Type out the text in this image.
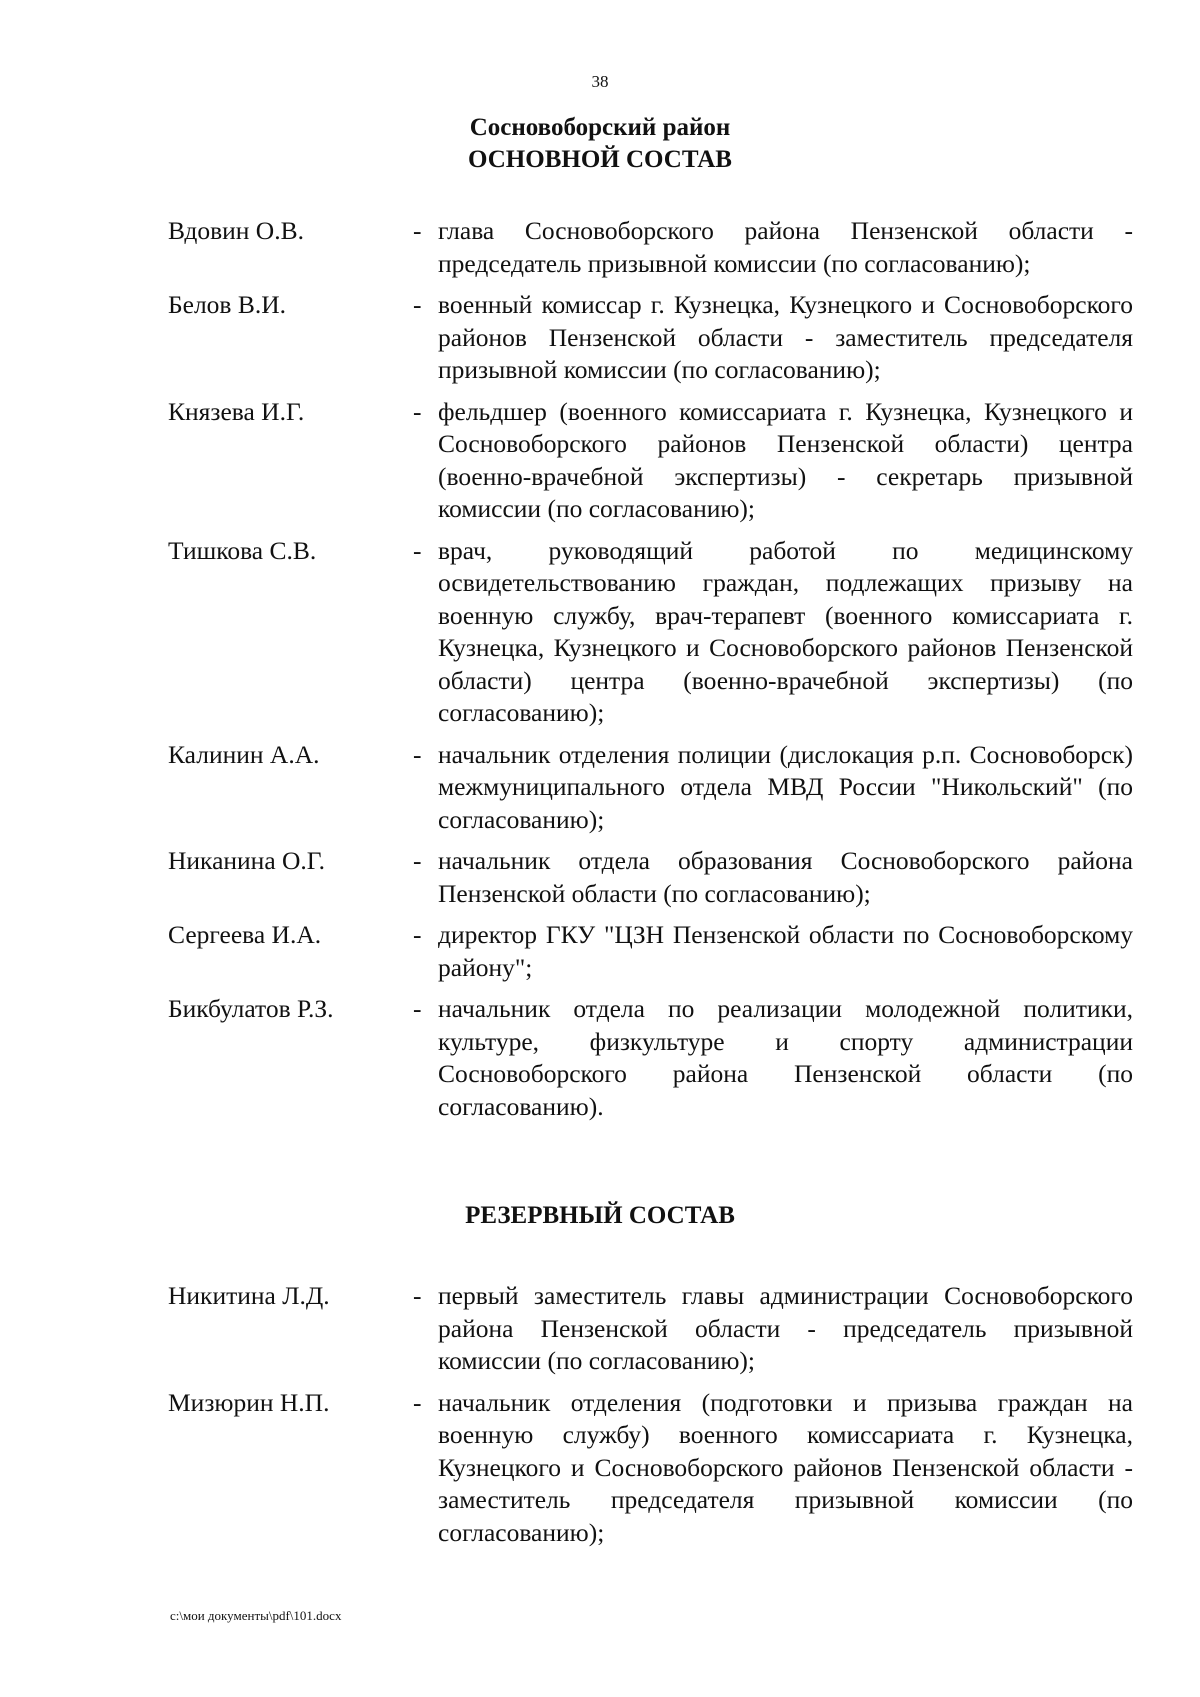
38
Сосновоборский район
ОСНОВНОЙ СОСТАВ
Вдовин О.В.	- глава Сосновоборского района Пензенской области - председатель призывной комиссии (по согласованию);
Белов В.И.	- военный комиссар г. Кузнецка, Кузнецкого и Сосновоборского районов Пензенской области - заместитель председателя призывной комиссии (по согласованию);
Князева И.Г.	- фельдшер (военного комиссариата г. Кузнецка, Кузнецкого и Сосновоборского районов Пензенской области) центра (военно-врачебной экспертизы) - секретарь призывной комиссии (по согласованию);
Тишкова С.В.	- врач, руководящий работой по медицинскому освидетельствованию граждан, подлежащих призыву на военную службу, врач-терапевт (военного комиссариата г. Кузнецка, Кузнецкого и Сосновоборского районов Пензенской области) центра (военно-врачебной экспертизы) (по согласованию);
Калинин А.А.	- начальник отделения полиции (дислокация р.п. Сосновоборск) межмуниципального отдела МВД России "Никольский" (по согласованию);
Никанина О.Г.	- начальник отдела образования Сосновоборского района Пензенской области (по согласованию);
Сергеева И.А.	- директор ГКУ "ЦЗН Пензенской области по Сосновоборскому району";
Бикбулатов Р.З.	- начальник отдела по реализации молодежной политики, культуре, физкультуре и спорту администрации Сосновоборского района Пензенской области (по согласованию).
РЕЗЕРВНЫЙ СОСТАВ
Никитина Л.Д.	- первый заместитель главы администрации Сосновоборского района Пензенской области - председатель призывной комиссии (по согласованию);
Мизюрин Н.П.	- начальник отделения (подготовки и призыва граждан на военную службу) военного комиссариата г. Кузнецка, Кузнецкого и Сосновоборского районов Пензенской области - заместитель председателя призывной комиссии (по согласованию);
c:\мои документы\pdf\101.docx
